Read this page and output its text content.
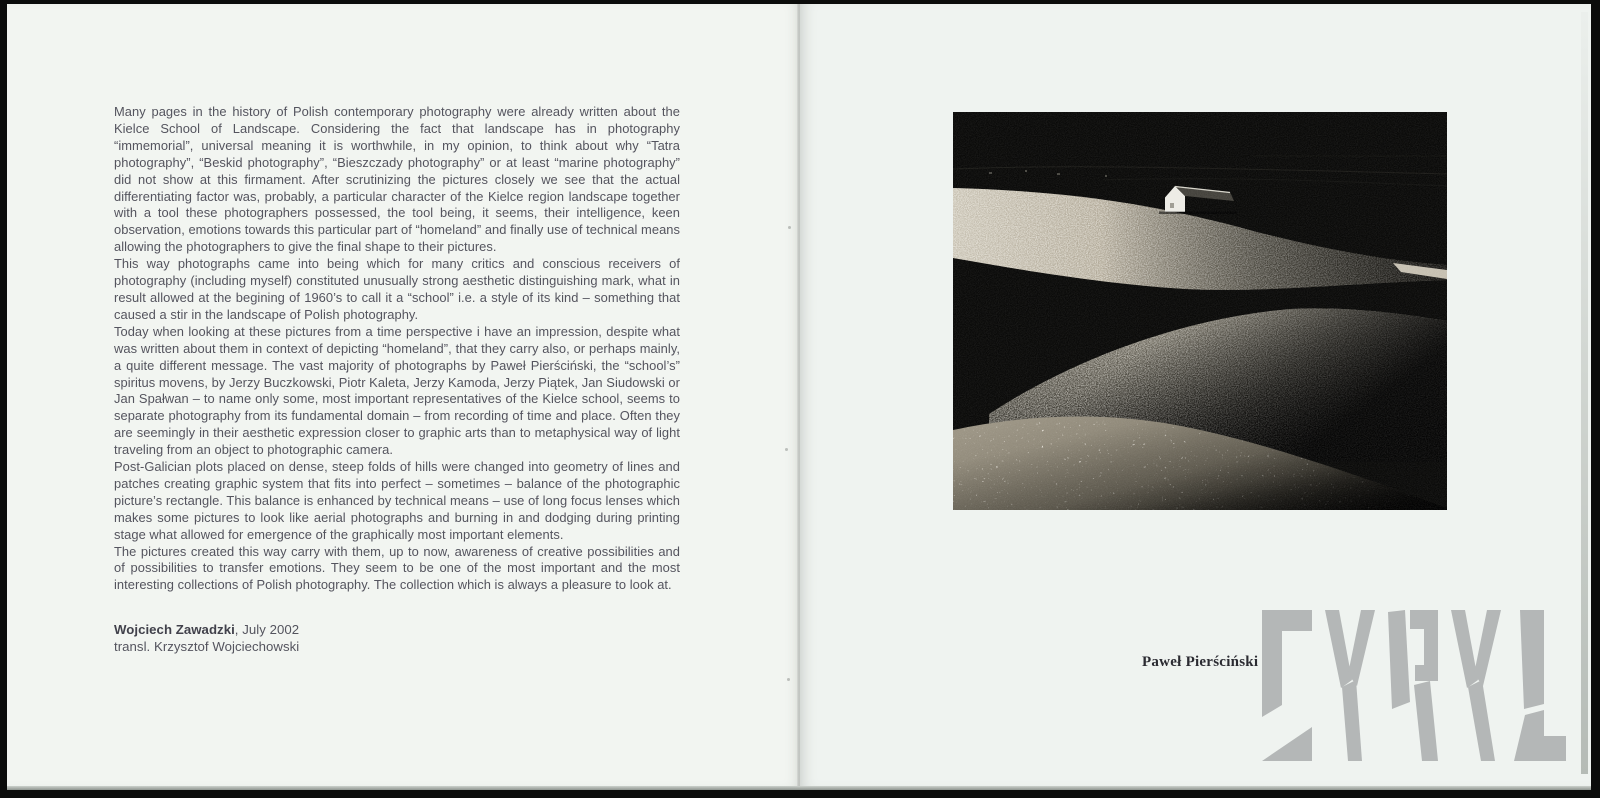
Many pages in the history of Polish contemporary photography were already written about the Kielce School of Landscape. Considering the fact that landscape has in photography “immemorial”, universal meaning it is worthwhile, in my opinion, to think about why “Tatra photography”, “Beskid photography”, “Bieszczady photography” or at least “marine photography” did not show at this firmament. After scrutinizing the pictures closely we see that the actual differentiating factor was, probably, a particular character of the Kielce region landscape together with a tool these photographers possessed, the tool being, it seems, their intelligence, keen observation, emotions towards this particular part of “homeland” and finally use of technical means allowing the photographers to give the final shape to their pictures.

This way photographs came into being which for many critics and conscious receivers of photography (including myself) constituted unusually strong aesthetic distinguishing mark, what in result allowed at the begining of 1960’s to call it a “school” i.e. a style of its kind – something that caused a stir in the landscape of Polish photography.

Today when looking at these pictures from a time perspective i have an impression, despite what was written about them in context of depicting “homeland”, that they carry also, or perhaps mainly, a quite different message. The vast majority of photographs by Paweł Pierściński, the “school’s” spiritus movens, by Jerzy Buczkowski, Piotr Kaleta, Jerzy Kamoda, Jerzy Piątek, Jan Siudowski or Jan Spałwan – to name only some, most important representatives of the Kielce school, seems to separate photography from its fundamental domain – from recording of time and place. Often they are seemingly in their aesthetic expression closer to graphic arts than to metaphysical way of light traveling from an object to photographic camera.

Post-Galician plots placed on dense, steep folds of hills were changed into geometry of lines and patches creating graphic system that fits into perfect – sometimes – balance of the photographic picture’s rectangle. This balance is enhanced by technical means – use of long focus lenses which makes some pictures to look like aerial photographs and burning in and dodging during printing stage what allowed for emergence of the graphically most important elements.

The pictures created this way carry with them, up to now, awareness of creative possibilities and of possibilities to transfer emotions. They seem to be one of the most important and the most interesting collections of Polish photography. The collection which is always a pleasure to look at.

Wojciech Zawadzki, July 2002

transl. Krzysztof Wojciechowski

Paweł Pierściński
